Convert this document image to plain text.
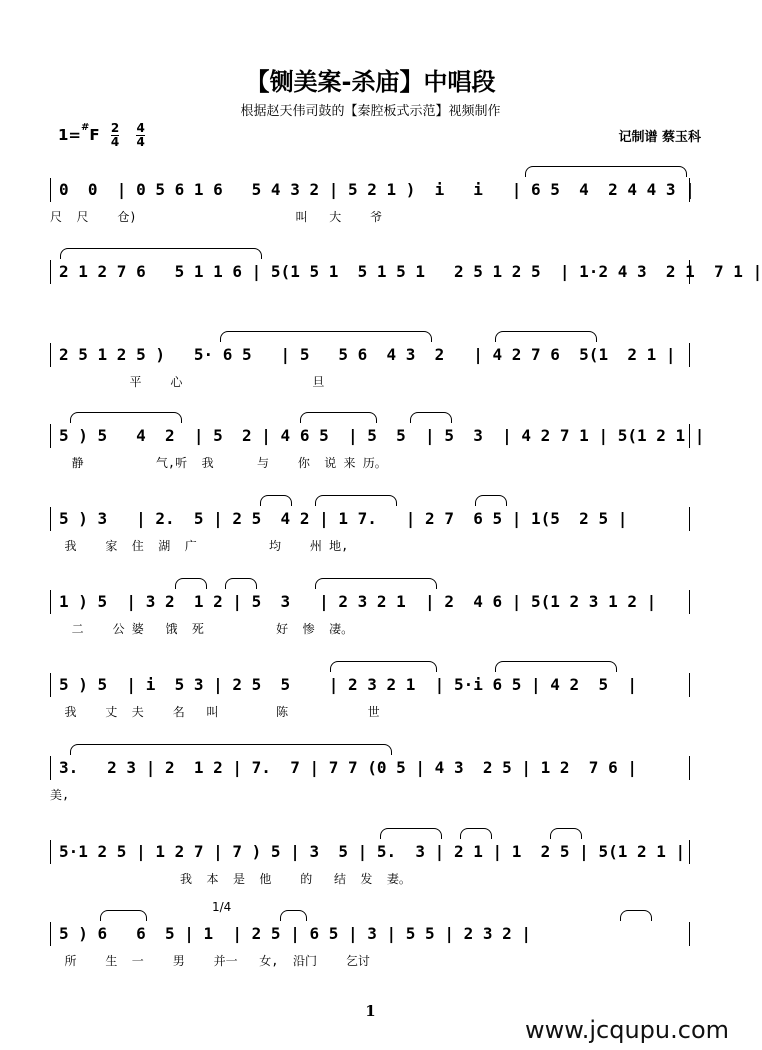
【铡美案-杀庙】中唱段
根据赵天伟司鼓的【秦腔板式示范】视频制作
$1=^{\#}F \frac{2}{4} \frac{4}{4}$	记制谱 蔡玉科
0  0  | 0 5 6 1 6   5 4 3 2 | 5 2 1 )  i   i   | 6 5  4  2 4 4 3 |
尺  尺    仓)                      叫   大    爷
2 1 2 7 6   5 1 1 6 | 5(1 5 1  5 1 5 1   2 5 1 2 5  | 1·2 4 3  2 1  7 1 |
2 5 1 2 5 )   5· 6 5   | 5   5 6  4 3  2   | 4 2 7 6  5(1  2 1 |
平    心                  旦
5 ) 5   4  2  | 5  2 | 4 6 5  | 5  5  | 5  3  | 4 2 7 1 | 5(1 2 1 |
静          气,听  我      与    你  说 来 历。
5 ) 3   | 2.  5 | 2 5  4 2 | 1 7.   | 2 7  6 5 | 1(5  2 5 |
我    家  住  湖  广          均    州 地,
1 ) 5  | 3 2  1 2 | 5  3   | 2 3 2 1  | 2  4 6 | 5(1 2 3 1 2 |
二    公 婆   饿  死          好  惨  凄。
5 ) 5  | i  5 3 | 2 5  5    | 2 3 2 1  | 5·i 6 5 | 4 2  5  |
我    丈  夫    名   叫        陈           世
3.   2 3 | 2  1 2 | 7.  7 | 7 7 (0 5 | 4 3  2 5 | 1 2  7 6 |
美,
5·1 2 5 | 1 2 7 | 7 ) 5 | 3  5 | 5.  3 | 2 1 | 1  2 5 | 5(1 2 1 |
我  本  是  他    的   结  发  妻。
1/4
5 ) 6   6  5 | 1  | 2 5 | 6 5 | 3 | 5 5 | 2 3 2 |
所    生  一    男    并一   女,  沿门    乞讨
1
www.jcqupu.com
